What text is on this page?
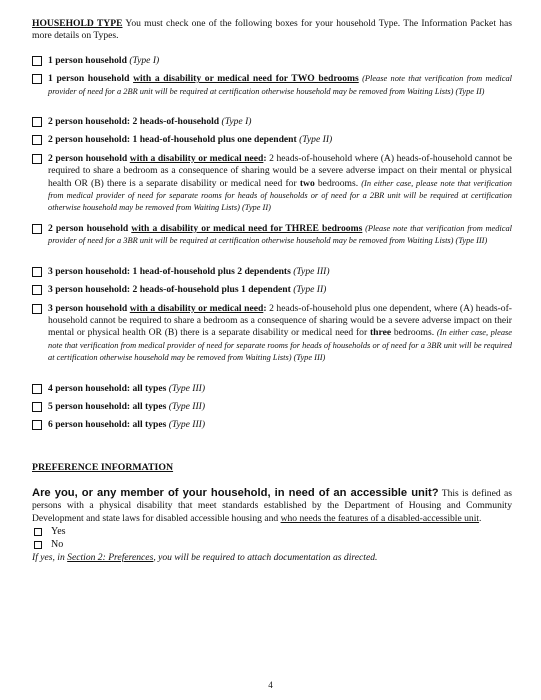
HOUSEHOLD TYPE You must check one of the following boxes for your household Type. The Information Packet has more details on Types.

1 person household (Type I)
1 person household with a disability or medical need for TWO bedrooms (Please note that verification from medical provider of need for a 2BR unit will be required at certification otherwise household may be removed from Waiting Lists) (Type II)
2 person household: 2 heads-of-household (Type I)
2 person household: 1 head-of-household plus one dependent (Type II)
2 person household with a disability or medical need: 2 heads-of-household where (A) heads-of-household cannot be required to share a bedroom as a consequence of sharing would be a severe adverse impact on their mental or physical health OR (B) there is a separate disability or medical need for two bedrooms. (In either case, please note that verification from medical provider of need for separate rooms for heads of households or of need for a 2BR unit will be required at certification otherwise household may be removed from Waiting Lists) (Type II)
2 person household with a disability or medical need for THREE bedrooms (Please note that verification from medical provider of need for a 3BR unit will be required at certification otherwise household may be removed from Waiting Lists) (Type III)
3 person household: 1 head-of-household plus 2 dependents (Type III)
3 person household: 2 heads-of-household plus 1 dependent (Type II)
3 person household with a disability or medical need: 2 heads-of-household plus one dependent, where (A) heads-of-household cannot be required to share a bedroom as a consequence of sharing would be a severe adverse impact on their mental or physical health OR (B) there is a separate disability or medical need for three bedrooms. (In either case, please note that verification from medical provider of need for separate rooms for heads of households or of need for a 3BR unit will be required at certification otherwise household may be removed from Waiting Lists) (Type III)
4 person household: all types (Type III)
5 person household: all types (Type III)
6 person household: all types (Type III)

PREFERENCE INFORMATION

Are you, or any member of your household, in need of an accessible unit? This is defined as persons with a physical disability that meet standards established by the Department of Housing and Community Development and state laws for disabled accessible housing and who needs the features of a disabled-accessible unit.

Yes
No

If yes, in Section 2: Preferences, you will be required to attach documentation as directed.

4
